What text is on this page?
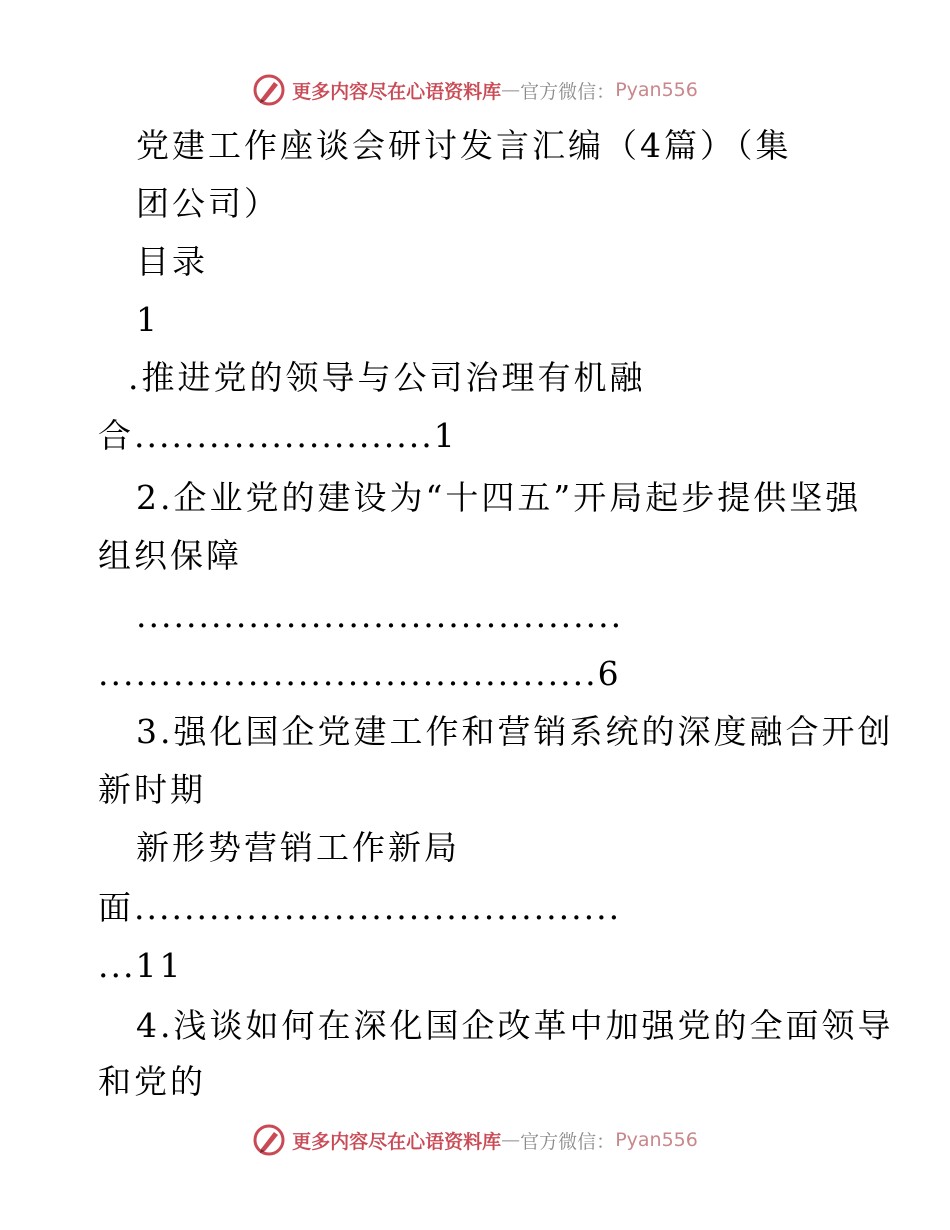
更多内容尽在心语资料库 — 官方微信： Pyan556
党建工作座谈会研讨发言汇编（4篇）（集
团公司）
目录
1
.推进党的领导与公司治理有机融
合........................1
2.企业党的建设为“十四五”开局起步提供坚强
组织保障
.......................................
........................................6
3.强化国企党建工作和营销系统的深度融合开创
新时期
新形势营销工作新局
面.......................................
...11
4.浅谈如何在深化国企改革中加强党的全面领导
和党的
更多内容尽在心语资料库 — 官方微信： Pyan556
